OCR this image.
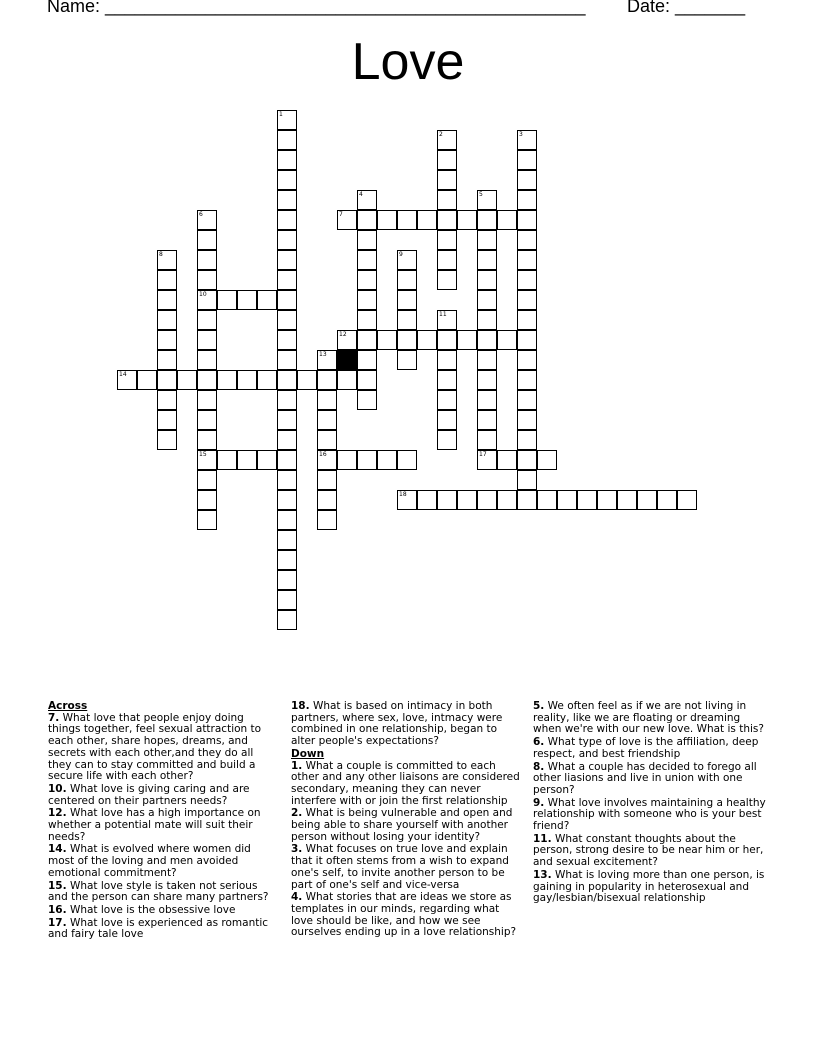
Name: ________________________________________________ Date: _______
Love
1
2	3
4	5
17
6
10
15
7
8	9
11
12
13
16
14
18
Across
7. What love that people enjoy doing things together, feel sexual attraction to each other, share hopes, dreams, and secrets with each other,and they do all they can to stay committed and build a secure life with each other?
10. What love is giving caring and are centered on their partners needs?
12. What love has a high importance on whether a potential mate will suit their needs?
14. What is evolved where women did most of the loving and men avoided emotional commitment?
15. What love style is taken not serious and the person can share many partners?
16. What love is the obsessive love
17. What love is experienced as romantic and fairy tale love
18. What is based on intimacy in both partners, where sex, love, intmacy were combined in one relationship, began to alter people's expectations?
Down
1. What a couple is committed to each other and any other liaisons are considered secondary, meaning they can never interfere with or join the first relationship
2. What is being vulnerable and open and being able to share yourself with another person without losing your identity?
3. What focuses on true love and explain that it often stems from a wish to expand one's self, to invite another person to be part of one's self and vice-versa
4. What stories that are ideas we store as templates in our minds, regarding what love should be like, and how we see ourselves ending up in a love relationship?
5. We often feel as if we are not living in reality, like we are floating or dreaming when we're with our new love. What is this?
6. What type of love is the affiliation, deep respect, and best friendship
8. What a couple has decided to forego all other liasions and live in union with one person?
9. What love involves maintaining a healthy relationship with someone who is your best friend?
11. What constant thoughts about the person, strong desire to be near him or her, and sexual excitement?
13. What is loving more than one person, is gaining in popularity in heterosexual and gay/lesbian/bisexual relationship
